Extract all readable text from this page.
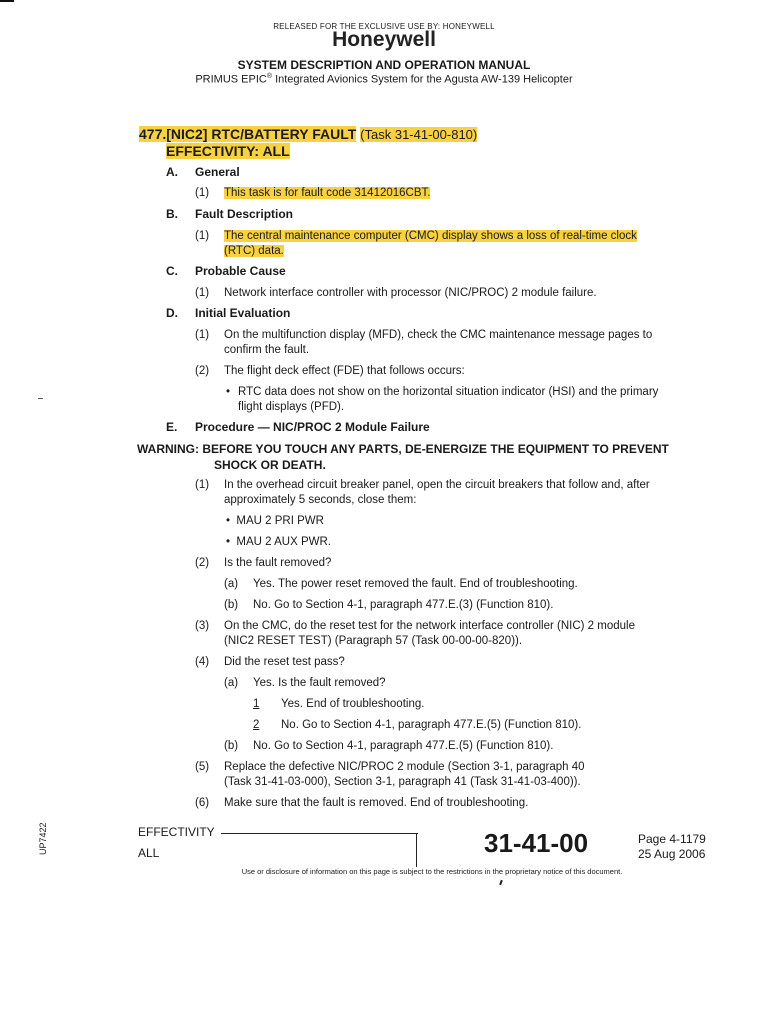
RELEASED FOR THE EXCLUSIVE USE BY: HONEYWELL
Honeywell
SYSTEM DESCRIPTION AND OPERATION MANUAL
PRIMUS EPIC® Integrated Avionics System for the Agusta AW-139 Helicopter
477.[NIC2] RTC/BATTERY FAULT (Task 31-41-00-810)
EFFECTIVITY: ALL
A. General
(1) This task is for fault code 31412016CBT.
B. Fault Description
(1) The central maintenance computer (CMC) display shows a loss of real-time clock
(RTC) data.
C. Probable Cause
(1) Network interface controller with processor (NIC/PROC) 2 module failure.
D. Initial Evaluation
(1) On the multifunction display (MFD), check the CMC maintenance message pages to
confirm the fault.
(2) The flight deck effect (FDE) that follows occurs:
• RTC data does not show on the horizontal situation indicator (HSI) and the primary
flight displays (PFD).
E. Procedure — NIC/PROC 2 Module Failure
WARNING: BEFORE YOU TOUCH ANY PARTS, DE-ENERGIZE THE EQUIPMENT TO PREVENT
SHOCK OR DEATH.
(1) In the overhead circuit breaker panel, open the circuit breakers that follow and, after
approximately 5 seconds, close them:
• MAU 2 PRI PWR
• MAU 2 AUX PWR.
(2) Is the fault removed?
(a) Yes. The power reset removed the fault. End of troubleshooting.
(b) No. Go to Section 4-1, paragraph 477.E.(3) (Function 810).
(3) On the CMC, do the reset test for the network interface controller (NIC) 2 module
(NIC2 RESET TEST) (Paragraph 57 (Task 00-00-00-820)).
(4) Did the reset test pass?
(a) Yes. Is the fault removed?
1 Yes. End of troubleshooting.
2 No. Go to Section 4-1, paragraph 477.E.(5) (Function 810).
(b) No. Go to Section 4-1, paragraph 477.E.(5) (Function 810).
(5) Replace the defective NIC/PROC 2 module (Section 3-1, paragraph 40
(Task 31-41-03-000), Section 3-1, paragraph 41 (Task 31-41-03-400)).
(6) Make sure that the fault is removed. End of troubleshooting.
EFFECTIVITY
ALL	31-41-00	Page 4-1179
25 Aug 2006
Use or disclosure of information on this page is subject to the restrictions in the proprietary notice of this document.
UP7422
